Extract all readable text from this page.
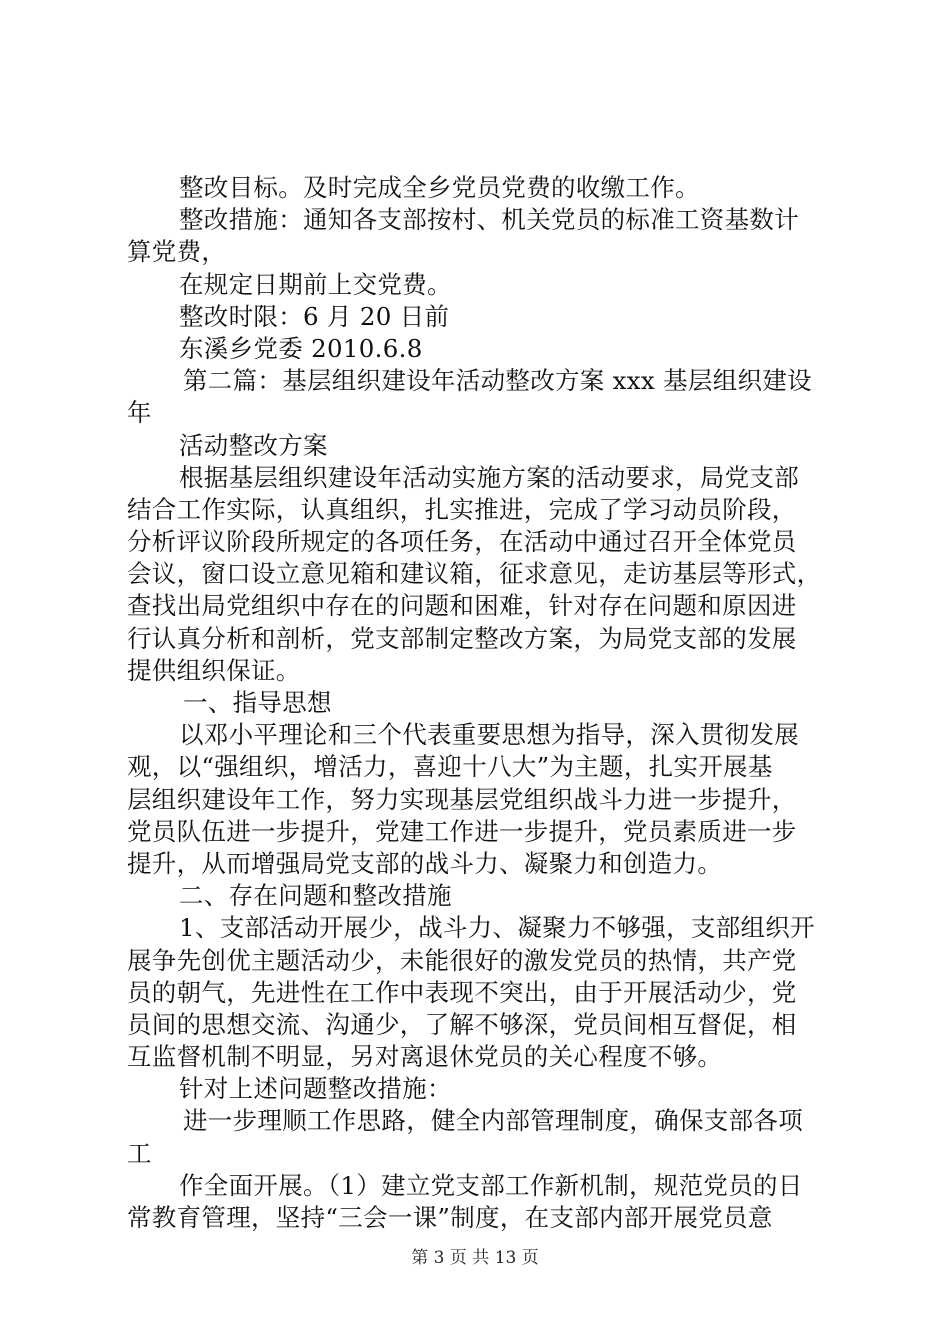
整改目标。及时完成全乡党员党费的收缴工作。
整改措施：通知各支部按村、机关党员的标准工资基数计
算党费，
在规定日期前上交党费。
整改时限：6 月 20 日前
东溪乡党委 2010.6.8
第二篇：基层组织建设年活动整改方案 xxx 基层组织建设
年
活动整改方案
根据基层组织建设年活动实施方案的活动要求，局党支部
结合工作实际，认真组织，扎实推进，完成了学习动员阶段，
分析评议阶段所规定的各项任务，在活动中通过召开全体党员
会议，窗口设立意见箱和建议箱，征求意见，走访基层等形式，
查找出局党组织中存在的问题和困难，针对存在问题和原因进
行认真分析和剖析，党支部制定整改方案，为局党支部的发展
提供组织保证。
一、指导思想
以邓小平理论和三个代表重要思想为指导，深入贯彻发展
观，以“强组织，增活力，喜迎十八大”为主题，扎实开展基
层组织建设年工作，努力实现基层党组织战斗力进一步提升，
党员队伍进一步提升，党建工作进一步提升，党员素质进一步
提升，从而增强局党支部的战斗力、凝聚力和创造力。
二、存在问题和整改措施
1、支部活动开展少，战斗力、凝聚力不够强，支部组织开
展争先创优主题活动少，未能很好的激发党员的热情，共产党
员的朝气，先进性在工作中表现不突出，由于开展活动少，党
员间的思想交流、沟通少，了解不够深，党员间相互督促，相
互监督机制不明显，另对离退休党员的关心程度不够。
针对上述问题整改措施：
进一步理顺工作思路，健全内部管理制度，确保支部各项
工
作全面开展。（1）建立党支部工作新机制，规范党员的日
常教育管理，坚持“三会一课”制度，在支部内部开展党员意
第 3 页 共 13 页
